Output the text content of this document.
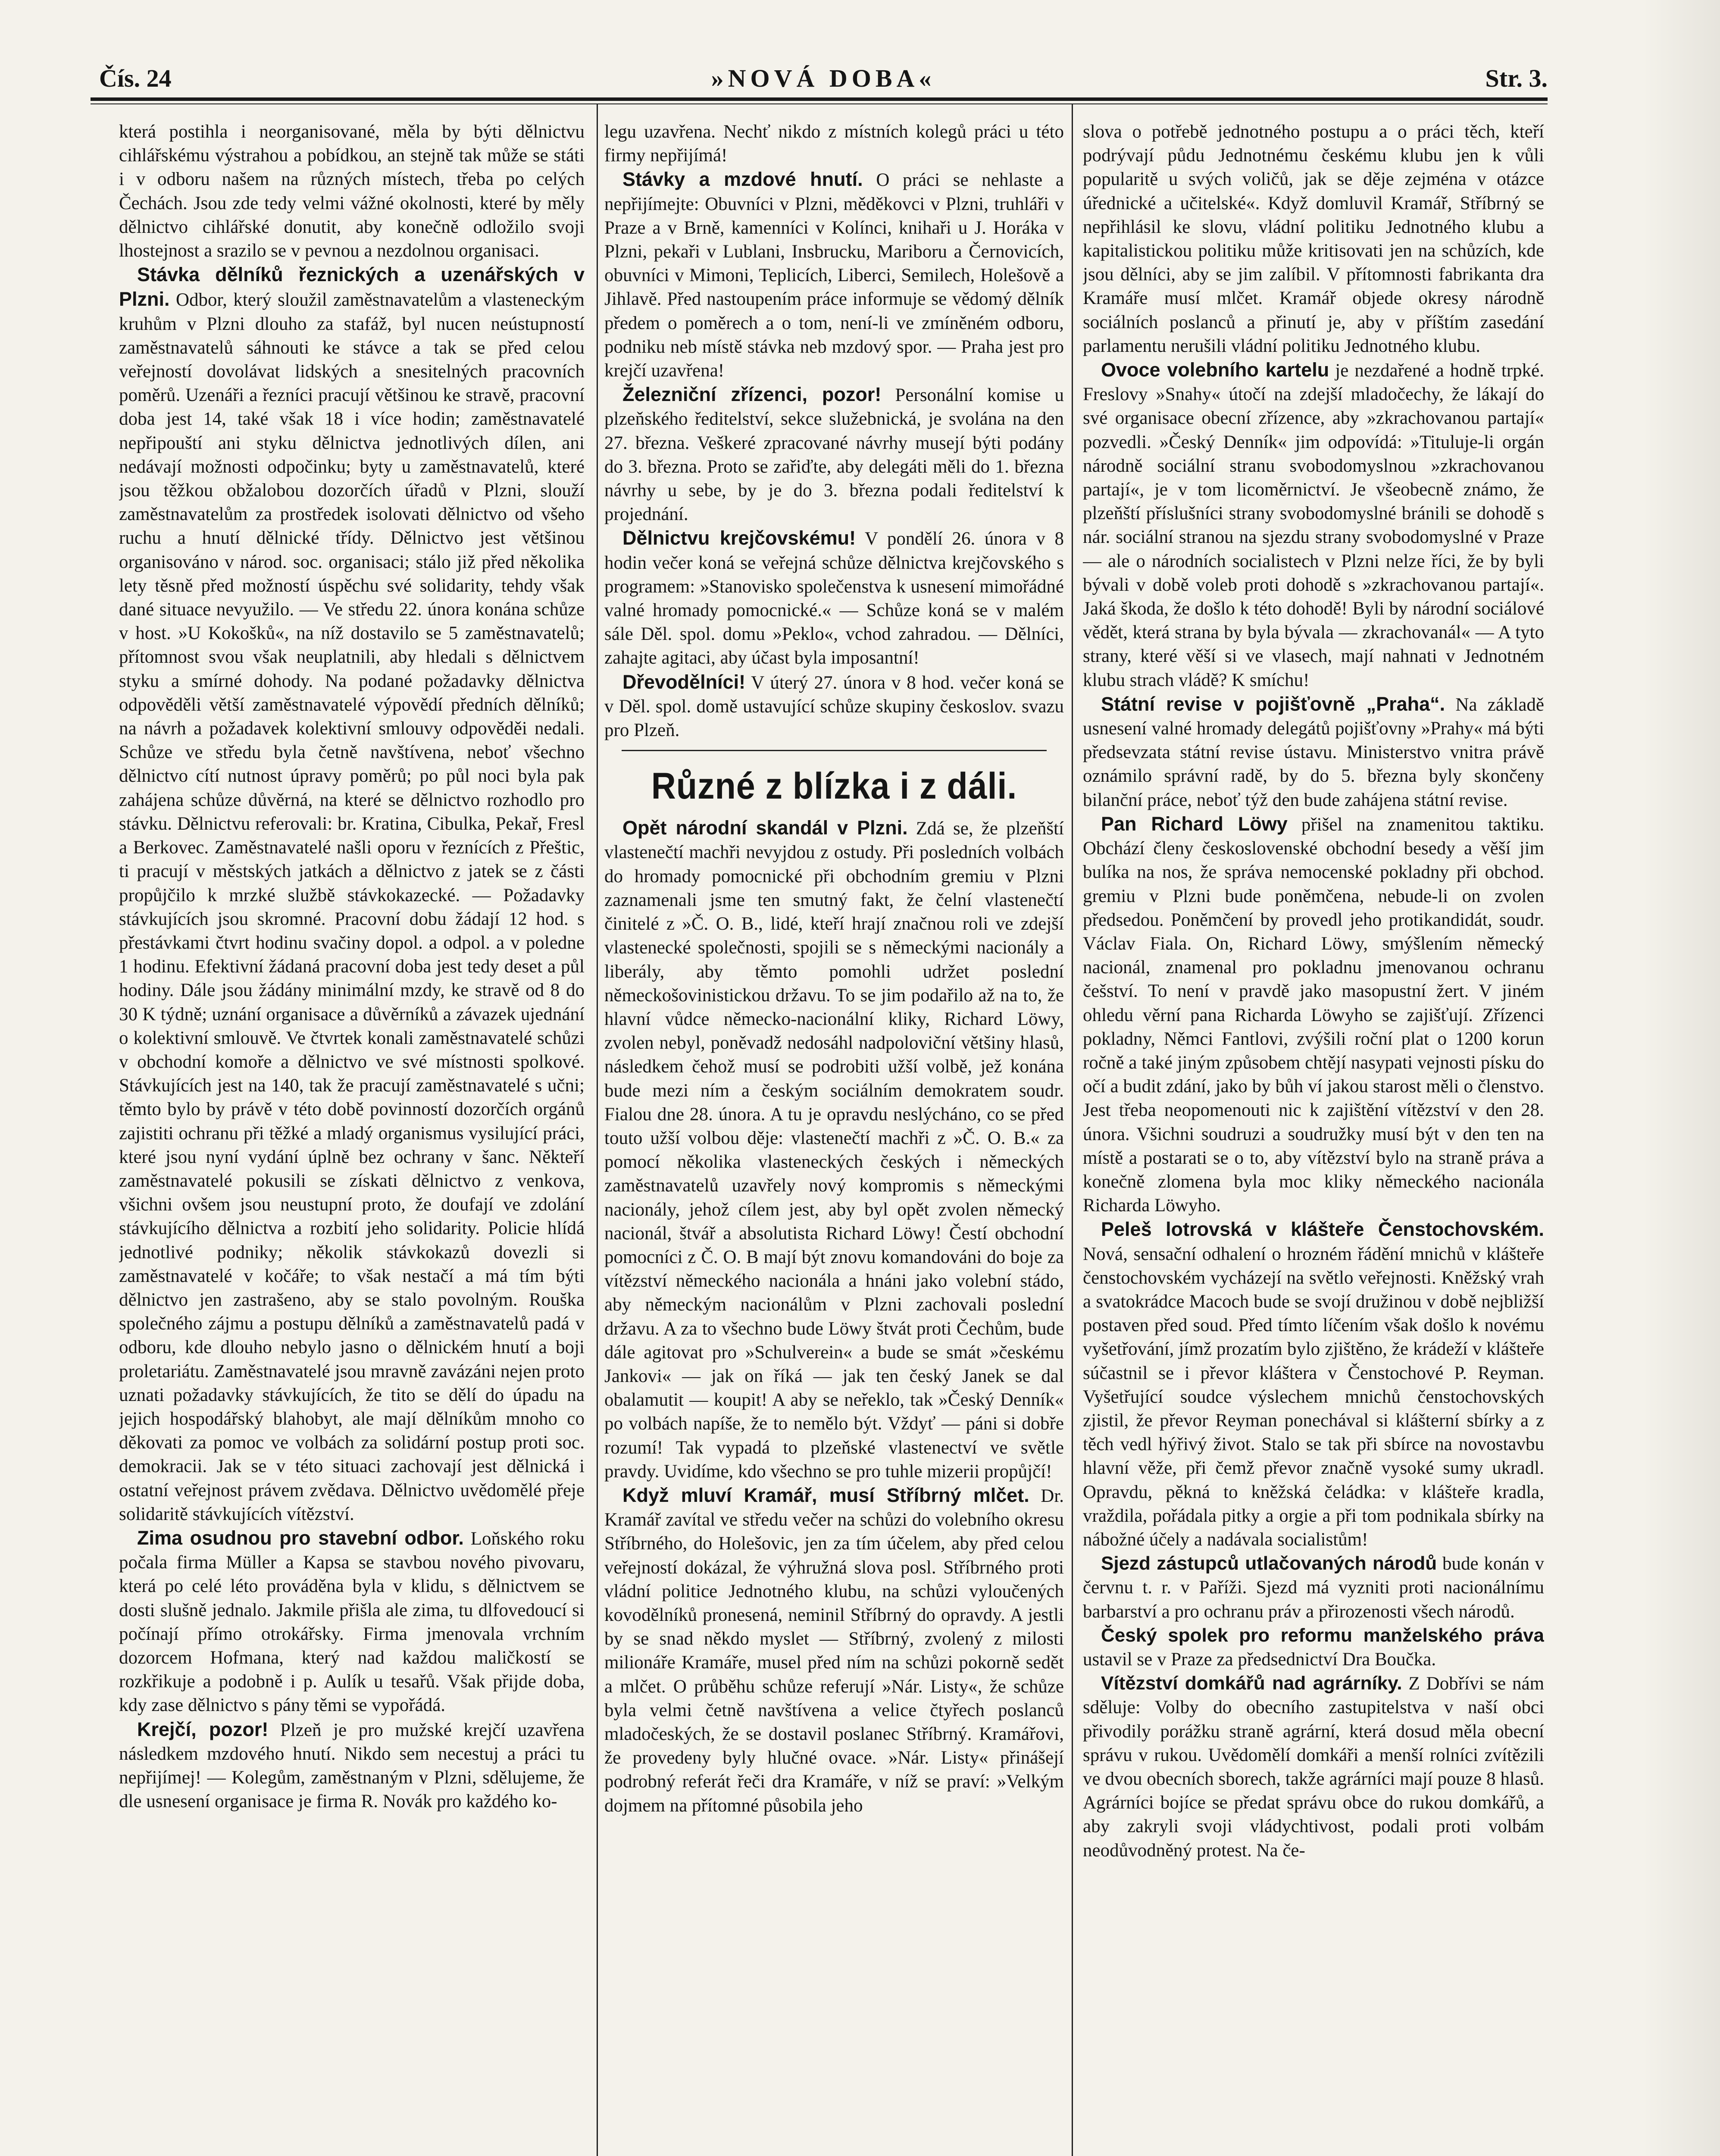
Čís. 24	»NOVÁ DOBA«	Str. 3.

která postihla i neorganisované, měla by býti dělnictvu cihlářskému výstrahou a pobídkou, an stejně tak může se státi i v odboru našem na různých místech, třeba po celých Čechách. Jsou zde tedy velmi vážné okolnosti, které by měly dělnictvo cihlářské donutit, aby konečně odložilo svoji lhostejnost a srazilo se v pevnou a nezdolnou organisaci.

Stávka dělníků řeznických a uzenářských v Plzni. Odbor, který sloužil zaměstnavatelům a vlasteneckým kruhům v Plzni dlouho za stafáž, byl nucen neústupností zaměstnavatelů sáhnouti ke stávce a tak se před celou veřejností dovolávat lidských a snesitelných pracovních poměrů. Uzenáři a řezníci pracují většinou ke stravě, pracovní doba jest 14, také však 18 i více hodin; zaměstnavatelé nepřipouští ani styku dělnictva jednotlivých dílen, ani nedávají možnosti odpočinku; byty u zaměstnavatelů, které jsou těžkou obžalobou dozorčích úřadů v Plzni, slouží zaměstnavatelům za prostředek isolovati dělnictvo od všeho ruchu a hnutí dělnické třídy. Dělnictvo jest většinou organisováno v národ. soc. organisaci; stálo již před několika lety těsně před možností úspěchu své solidarity, tehdy však dané situace nevyužilo. — Ve středu 22. února konána schůze v host. »U Kokošků«, na níž dostavilo se 5 zaměstnavatelů; přítomnost svou však neuplatnili, aby hledali s dělnictvem styku a smírné dohody. Na podané požadavky dělnictva odpověděli větší zaměstnavatelé výpovědí předních dělníků; na návrh a požadavek kolektivní smlouvy odpověděi nedali. Schůze ve středu byla četně navštívena, neboť všechno dělnictvo cítí nutnost úpravy poměrů; po půl noci byla pak zahájena schůze důvěrná, na které se dělnictvo rozhodlo pro stávku. Dělnictvu referovali: br. Kratina, Cibulka, Pekař, Fresl a Berkovec. Zaměstnavatelé našli oporu v řeznících z Přeštic, ti pracují v městských jatkách a dělnictvo z jatek se z části propůjčilo k mrzké službě stávkokazecké. — Požadavky stávkujících jsou skromné. Pracovní dobu žádají 12 hod. s přestávkami čtvrt hodinu svačiny dopol. a odpol. a v poledne 1 hodinu. Efektivní žádaná pracovní doba jest tedy deset a půl hodiny. Dále jsou žádány minimální mzdy, ke stravě od 8 do 30 K týdně; uznání organisace a důvěrníků a závazek ujednání o kolektivní smlouvě. Ve čtvrtek konali zaměstnavatelé schůzi v obchodní komoře a dělnictvo ve své místnosti spolkové. Stávkujících jest na 140, tak že pracují zaměstnavatelé s učni; těmto bylo by právě v této době povinností dozorčích orgánů zajistiti ochranu při těžké a mladý organismus vysilující práci, které jsou nyní vydání úplně bez ochrany v šanc. Někteří zaměstnavatelé pokusili se získati dělnictvo z venkova, všichni ovšem jsou neustupní proto, že doufají ve zdolání stávkujícího dělnictva a rozbití jeho solidarity. Policie hlídá jednotlivé podniky; několik stávkokazů dovezli si zaměstnavatelé v kočáře; to však nestačí a má tím býti dělnictvo jen zastrašeno, aby se stalo povolným. Rouška společného zájmu a postupu dělníků a zaměstnavatelů padá v odboru, kde dlouho nebylo jasno o dělnickém hnutí a boji proletariátu. Zaměstnavatelé jsou mravně zavázáni nejen proto uznati požadavky stávkujících, že tito se dělí do úpadu na jejich hospodářský blahobyt, ale mají dělníkům mnoho co děkovati za pomoc ve volbách za solidární postup proti soc. demokracii. Jak se v této situaci zachovají jest dělnická i ostatní veřejnost právem zvědava. Dělnictvo uvědomělé přeje solidaritě stávkujících vítězství.

Zima osudnou pro stavební odbor. Loňského roku počala firma Müller a Kapsa se stavbou nového pivovaru, která po celé léto prováděna byla v klidu, s dělnictvem se dosti slušně jednalo. Jakmile přišla ale zima, tu dlfovedoucí si počínají přímo otrokářsky. Firma jmenovala vrchním dozorcem Hofmana, který nad každou maličkostí se rozkřikuje a podobně i p. Aulík u tesařů. Však přijde doba, kdy zase dělnictvo s pány těmi se vypořádá.

Krejčí, pozor! Plzeň je pro mužské krejčí uzavřena následkem mzdového hnutí. Nikdo sem necestuj a práci tu nepřijímej! — Kolegům, zaměstnaným v Plzni, sdělujeme, že dle usnesení organisace je firma R. Novák pro každého ko-

legu uzavřena. Nechť nikdo z místních kolegů práci u této firmy nepřijímá!

Stávky a mzdové hnutí. O práci se nehlaste a nepřijímejte: Obuvníci v Plzni, měděkovci v Plzni, truhláři v Praze a v Brně, kamenníci v Kolínci, knihaři u J. Horáka v Plzni, pekaři v Lublani, Insbrucku, Mariboru a Černovicích, obuvníci v Mimoni, Teplicích, Liberci, Semilech, Holešově a Jihlavě. Před nastoupením práce informuje se vědomý dělník předem o poměrech a o tom, není-li ve zmíněném odboru, podniku neb místě stávka neb mzdový spor. — Praha jest pro krejčí uzavřena!

Železniční zřízenci, pozor! Personální komise u plzeňského ředitelství, sekce služebnická, je svolána na den 27. března. Veškeré zpracované návrhy musejí býti podány do 3. března. Proto se zařiďte, aby delegáti měli do 1. března návrhy u sebe, by je do 3. března podali ředitelství k projednání.

Dělnictvu krejčovskému! V pondělí 26. února v 8 hodin večer koná se veřejná schůze dělnictva krejčovského s programem: »Stanovisko společenstva k usnesení mimořádné valné hromady pomocnické.« — Schůze koná se v malém sále Děl. spol. domu »Peklo«, vchod zahradou. — Dělníci, zahajte agitaci, aby účast byla imposantní!

Dřevodělníci! V úterý 27. února v 8 hod. večer koná se v Děl. spol. domě ustavující schůze skupiny českoslov. svazu pro Plzeň.

Různé z blízka i z dáli.

Opět národní skandál v Plzni. Zdá se, že plzeňští vlastenečtí machři nevyjdou z ostudy. Při posledních volbách do hromady pomocnické při obchodním gremiu v Plzni zaznamenali jsme ten smutný fakt, že čelní vlastenečtí činitelé z »Č. O. B., lidé, kteří hrají značnou roli ve zdejší vlastenecké společnosti, spojili se s německými nacionály a liberály, aby těmto pomohli udržet poslední německošovinistickou državu. To se jim podařilo až na to, že hlavní vůdce německo-nacionální kliky, Richard Löwy, zvolen nebyl, poněvadž nedosáhl nadpoloviční většiny hlasů, následkem čehož musí se podrobiti užší volbě, jež konána bude mezi ním a českým sociálním demokratem soudr. Fialou dne 28. února. A tu je opravdu neslýcháno, co se před touto užší volbou děje: vlastenečtí machři z »Č. O. B.« za pomocí několika vlasteneckých českých i německých zaměstnavatelů uzavřely nový kompromis s německými nacionály, jehož cílem jest, aby byl opět zvolen německý nacionál, štvář a absolutista Richard Löwy! Čestí obchodní pomocníci z Č. O. B mají být znovu komandováni do boje za vítězství německého nacionála a hnáni jako volební stádo, aby německým nacionálům v Plzni zachovali poslední državu. A za to všechno bude Löwy štvát proti Čechům, bude dále agitovat pro »Schulverein« a bude se smát »českému Jankovi« — jak on říká — jak ten český Janek se dal obalamutit — koupit! A aby se neřeklo, tak »Český Denník« po volbách napíše, že to nemělo být. Vždyť — páni si dobře rozumí! Tak vypadá to plzeňské vlastenectví ve světle pravdy. Uvidíme, kdo všechno se pro tuhle mizerii propůjčí!

Když mluví Kramář, musí Stříbrný mlčet. Dr. Kramář zavítal ve středu večer na schůzi do volebního okresu Stříbrného, do Holešovic, jen za tím účelem, aby před celou veřejností dokázal, že výhružná slova posl. Stříbrného proti vládní politice Jednotného klubu, na schůzi vyloučených kovodělníků pronesená, neminil Stříbrný do opravdy. A jestli by se snad někdo myslet — Stříbrný, zvolený z milosti milionáře Kramáře, musel před ním na schůzi pokorně sedět a mlčet. O průběhu schůze referují »Nár. Listy«, že schůze byla velmi četně navštívena a velice čtyřech poslanců mladočeských, že se dostavil poslanec Stříbrný. Kramářovi, že provedeny byly hlučné ovace. »Nár. Listy« přinášejí podrobný referát řeči dra Kramáře, v níž se praví: »Velkým dojmem na přítomné působila jeho

slova o potřebě jednotného postupu a o práci těch, kteří podrývají půdu Jednotnému českému klubu jen k vůli popularitě u svých voličů, jak se děje zejména v otázce úřednické a učitelské«. Když domluvil Kramář, Stříbrný se nepřihlásil ke slovu, vládní politiku Jednotného klubu a kapitalistickou politiku může kritisovati jen na schůzích, kde jsou dělníci, aby se jim zalíbil. V přítomnosti fabrikanta dra Kramáře musí mlčet. Kramář objede okresy národně sociálních poslanců a přinutí je, aby v příštím zasedání parlamentu nerušili vládní politiku Jednotného klubu.

Ovoce volebního kartelu je nezdařené a hodně trpké. Freslovy »Snahy« útočí na zdejší mladočechy, že lákají do své organisace obecní zřízence, aby »zkrachovanou partají« pozvedli. »Český Denník« jim odpovídá: »Tituluje-li orgán národně sociální stranu svobodomyslnou »zkrachovanou partají«, je v tom licoměrnictví. Je všeobecně známo, že plzeňští příslušníci strany svobodomyslné bránili se dohodě s nár. sociální stranou na sjezdu strany svobodomyslné v Praze — ale o národních socialistech v Plzni nelze říci, že by byli bývali v době voleb proti dohodě s »zkrachovanou partají«. Jaká škoda, že došlo k této dohodě! Byli by národní sociálové vědět, která strana by byla bývala — zkrachovanál« — A tyto strany, které věší si ve vlasech, mají nahnati v Jednotném klubu strach vládě? K smíchu!

Státní revise v pojišťovně „Praha“. Na základě usnesení valné hromady delegátů pojišťovny »Prahy« má býti předsevzata státní revise ústavu. Ministerstvo vnitra právě oznámilo správní radě, by do 5. března byly skončeny bilanční práce, neboť týž den bude zahájena státní revise.

Pan Richard Löwy přišel na znamenitou taktiku. Obchází členy československé obchodní besedy a věší jim bulíka na nos, že správa nemocenské pokladny při obchod. gremiu v Plzni bude poněmčena, nebude-li on zvolen předsedou. Poněmčení by provedl jeho protikandidát, soudr. Václav Fiala. On, Richard Löwy, smýšlením německý nacionál, znamenal pro pokladnu jmenovanou ochranu češství. To není v pravdě jako masopustní žert. V jiném ohledu věrní pana Richarda Löwyho se zajišťují. Zřízenci pokladny, Němci Fantlovi, zvýšili roční plat o 1200 korun ročně a také jiným způsobem chtějí nasypati vejnosti písku do očí a budit zdání, jako by bůh ví jakou starost měli o členstvo. Jest třeba neopomenouti nic k zajištění vítězství v den 28. února. Všichni soudruzi a soudružky musí být v den ten na místě a postarati se o to, aby vítězství bylo na straně práva a konečně zlomena byla moc kliky německého nacionála Richarda Löwyho.

Peleš lotrovská v klášteře Čenstochovském. Nová, sensační odhalení o hrozném řádění mnichů v klášteře čenstochovském vycházejí na světlo veřejnosti. Kněžský vrah a svatokrádce Macoch bude se svojí družinou v době nejbližší postaven před soud. Před tímto líčením však došlo k novému vyšetřování, jímž prozatím bylo zjištěno, že krádeží v klášteře súčastnil se i převor kláštera v Čenstochové P. Reyman. Vyšetřující soudce výslechem mnichů čenstochovských zjistil, že převor Reyman ponechával si klášterní sbírky a z těch vedl hýřivý život. Stalo se tak při sbírce na novostavbu hlavní věže, při čemž převor značně vysoké sumy ukradl. Opravdu, pěkná to kněžská čeládka: v klášteře kradla, vraždila, pořádala pitky a orgie a při tom podnikala sbírky na nábožné účely a nadávala socialistům!

Sjezd zástupců utlačovaných národů bude konán v červnu t. r. v Paříži. Sjezd má vyzniti proti nacionálnímu barbarství a pro ochranu práv a přirozenosti všech národů.

Český spolek pro reformu manželského práva ustavil se v Praze za předsednictví Dra Boučka.

Vítězství domkářů nad agrárníky. Z Dobřívi se nám sděluje: Volby do obecního zastupitelstva v naší obci přivodily porážku straně agrární, která dosud měla obecní správu v rukou. Uvědomělí domkáři a menší rolníci zvítězili ve dvou obecních sborech, takže agrárníci mají pouze 8 hlasů. Agrárníci bojíce se předat správu obce do rukou domkářů, a aby zakryli svoji vládychtivost, podali proti volbám neodůvodněný protest. Na če-
